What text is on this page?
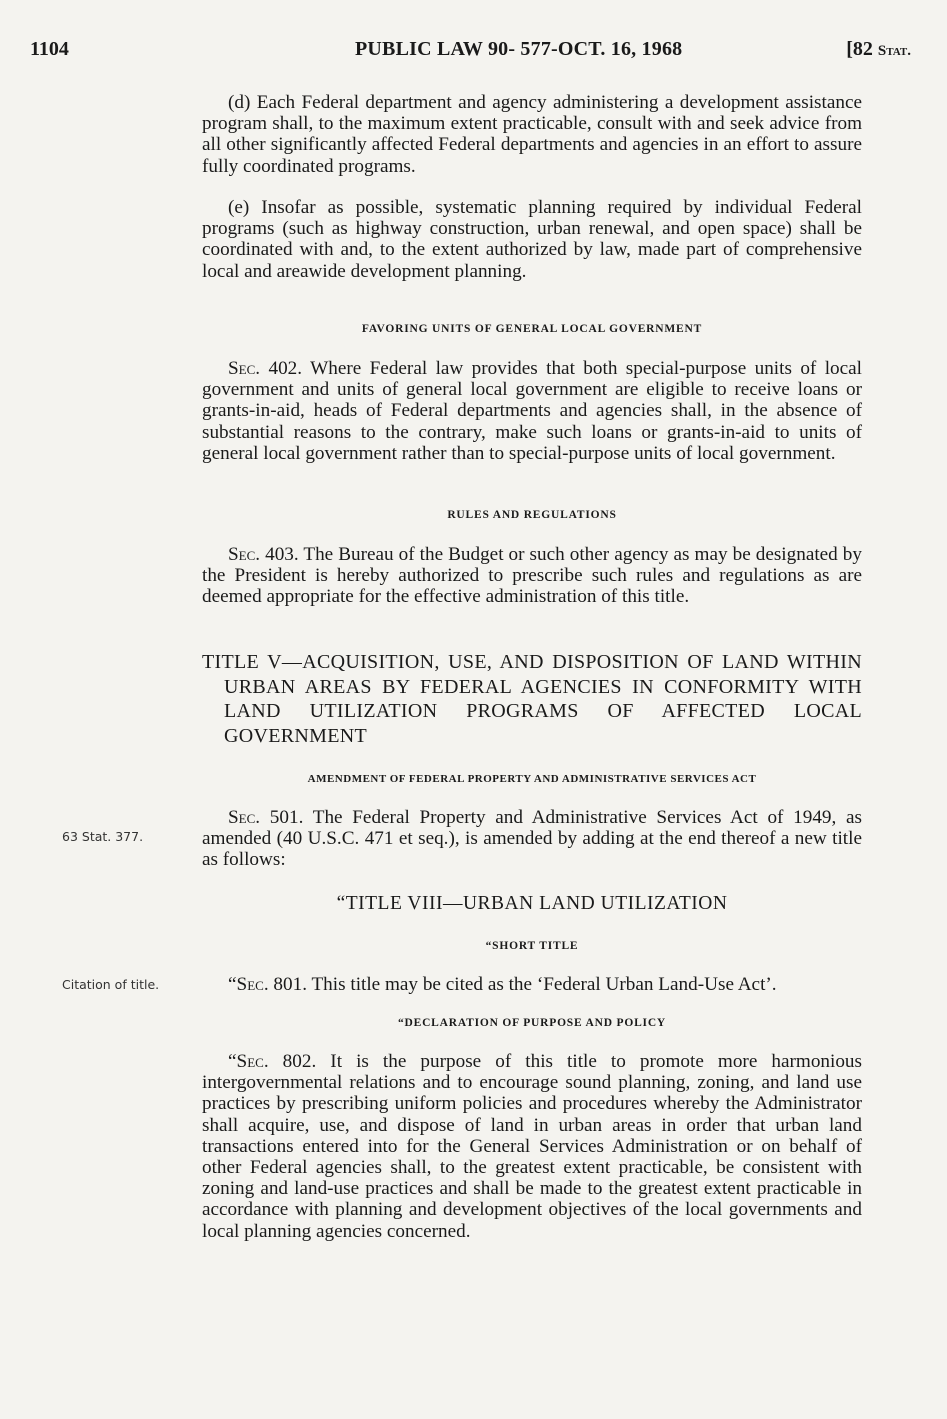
1104	PUBLIC LAW 90- 577-OCT. 16, 1968	[82 Stat.

(d) Each Federal department and agency administering a development assistance program shall, to the maximum extent practicable, consult with and seek advice from all other significantly affected Federal departments and agencies in an effort to assure fully coordinated programs.

(e) Insofar as possible, systematic planning required by individual Federal programs (such as highway construction, urban renewal, and open space) shall be coordinated with and, to the extent authorized by law, made part of comprehensive local and areawide development planning.

FAVORING UNITS OF GENERAL LOCAL GOVERNMENT

Sec. 402. Where Federal law provides that both special-purpose units of local government and units of general local government are eligible to receive loans or grants-in-aid, heads of Federal departments and agencies shall, in the absence of substantial reasons to the contrary, make such loans or grants-in-aid to units of general local government rather than to special-purpose units of local government.

RULES AND REGULATIONS

Sec. 403. The Bureau of the Budget or such other agency as may be designated by the President is hereby authorized to prescribe such rules and regulations as are deemed appropriate for the effective administration of this title.

TITLE V—ACQUISITION, USE, AND DISPOSITION OF LAND WITHIN URBAN AREAS BY FEDERAL AGENCIES IN CONFORMITY WITH LAND UTILIZATION PROGRAMS OF AFFECTED LOCAL GOVERNMENT

AMENDMENT OF FEDERAL PROPERTY AND ADMINISTRATIVE SERVICES ACT

63 Stat. 377.

Sec. 501. The Federal Property and Administrative Services Act of 1949, as amended (40 U.S.C. 471 et seq.), is amended by adding at the end thereof a new title as follows:

“TITLE VIII—URBAN LAND UTILIZATION

“SHORT TITLE

Citation of title.	“Sec. 801. This title may be cited as the ‘Federal Urban Land-Use Act’.

“DECLARATION OF PURPOSE AND POLICY

“Sec. 802. It is the purpose of this title to promote more harmonious intergovernmental relations and to encourage sound planning, zoning, and land use practices by prescribing uniform policies and procedures whereby the Administrator shall acquire, use, and dispose of land in urban areas in order that urban land transactions entered into for the General Services Administration or on behalf of other Federal agencies shall, to the greatest extent practicable, be consistent with zoning and land-use practices and shall be made to the greatest extent practicable in accordance with planning and development objectives of the local governments and local planning agencies concerned.
